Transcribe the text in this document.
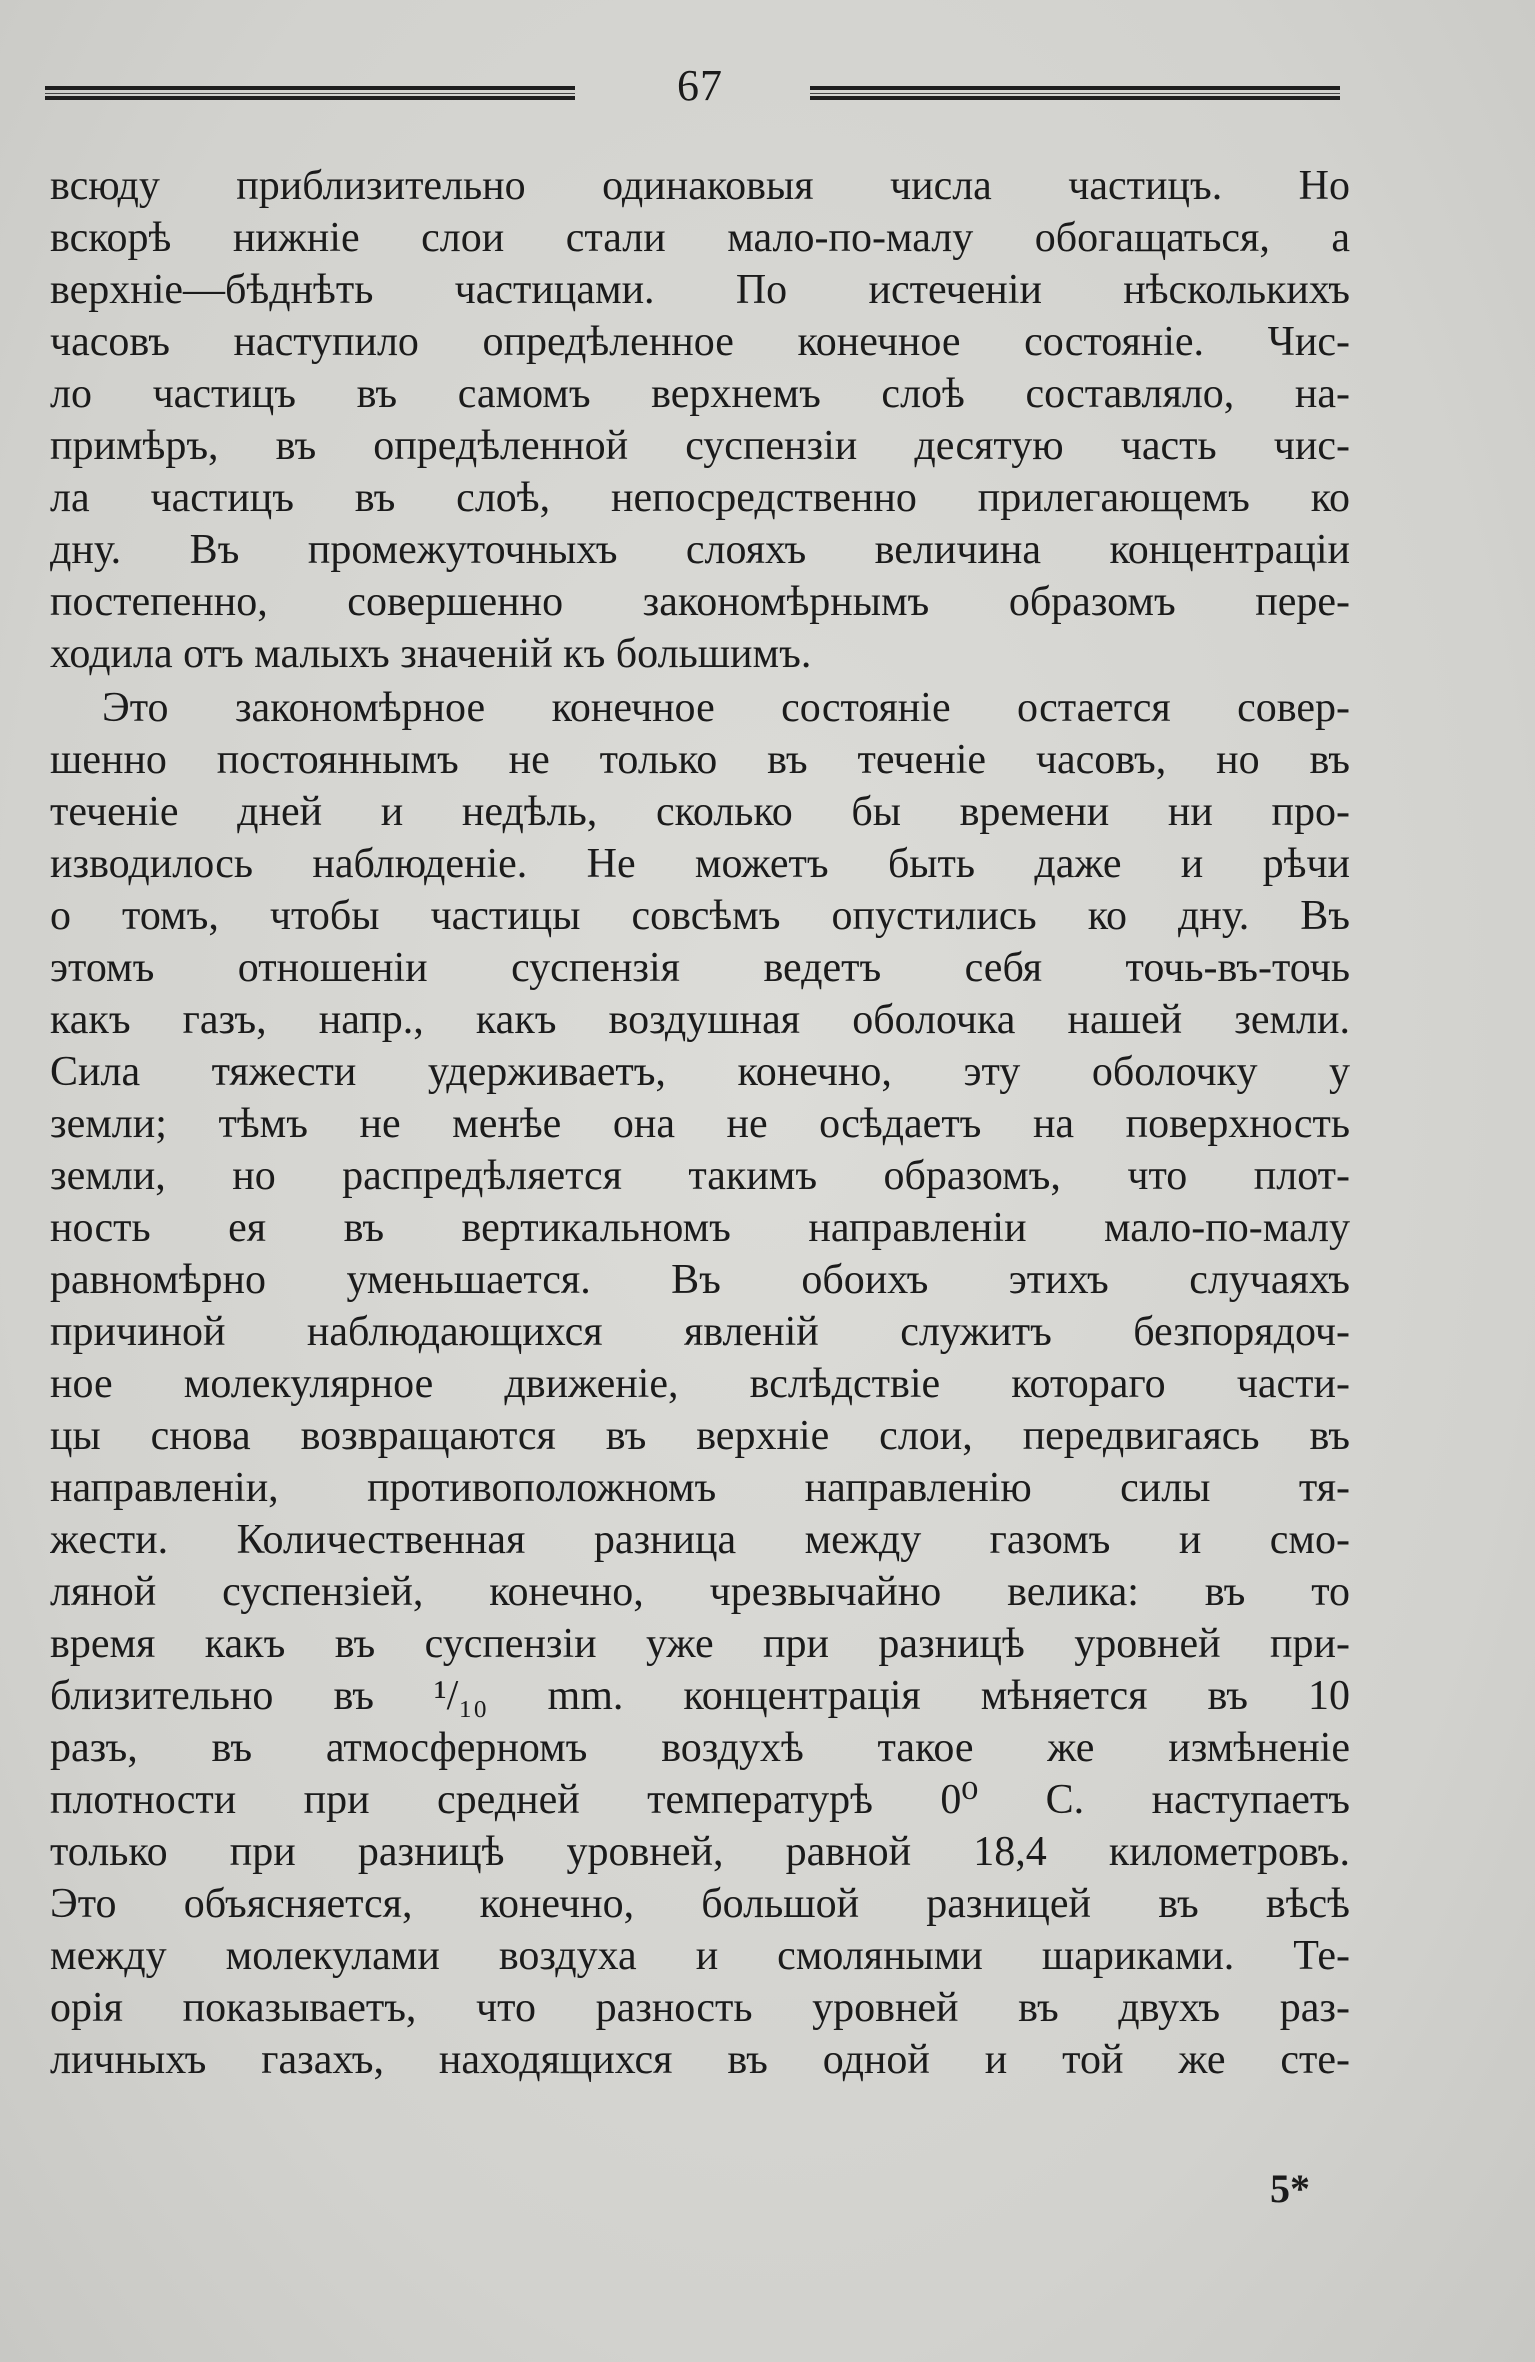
67
всюду приблизительно одинаковыя числа частицъ. Но
вскорѣ нижніе слои стали мало-по-малу обогащаться, а
верхніе—бѣднѣть частицами. По истеченіи нѣсколькихъ
часовъ наступило опредѣленное конечное состояніе. Чис-
ло частицъ въ самомъ верхнемъ слоѣ составляло, на-
примѣръ, въ опредѣленной суспензіи десятую часть чис-
ла частицъ въ слоѣ, непосредственно прилегающемъ ко
дну. Въ промежуточныхъ слояхъ величина концентраціи
постепенно, совершенно закономѣрнымъ образомъ пере-
ходила отъ малыхъ значеній къ большимъ.
Это закономѣрное конечное состояніе остается совер-
шенно постояннымъ не только въ теченіе часовъ, но въ
теченіе дней и недѣль, сколько бы времени ни про-
изводилось наблюденіе. Не можетъ быть даже и рѣчи
о томъ, чтобы частицы совсѣмъ опустились ко дну. Въ
этомъ отношеніи суспензія ведетъ себя точь-въ-точь
какъ газъ, напр., какъ воздушная оболочка нашей земли.
Сила тяжести удерживаетъ, конечно, эту оболочку у
земли; тѣмъ не менѣе она не осѣдаетъ на поверхность
земли, но распредѣляется такимъ образомъ, что плот-
ность ея въ вертикальномъ направленіи мало-по-малу
равномѣрно уменьшается. Въ обоихъ этихъ случаяхъ
причиной наблюдающихся явленій служитъ безпорядоч-
ное молекулярное движеніе, вслѣдствіе котораго части-
цы снова возвращаются въ верхніе слои, передвигаясь въ
направленіи, противоположномъ направленію силы тя-
жести. Количественная разница между газомъ и смо-
ляной суспензіей, конечно, чрезвычайно велика: въ то
время какъ въ суспензіи уже при разницѣ уровней при-
близительно въ ¹/₁₀ mm. концентрація мѣняется въ 10
разъ, въ атмосферномъ воздухѣ такое же измѣненіе
плотности при средней температурѣ 0⁰ С. наступаетъ
только при разницѣ уровней, равной 18,4 километровъ.
Это объясняется, конечно, большой разницей въ вѣсѣ
между молекулами воздуха и смоляными шариками. Те-
орія показываетъ, что разность уровней въ двухъ раз-
личныхъ газахъ, находящихся въ одной и той же сте-
5*
